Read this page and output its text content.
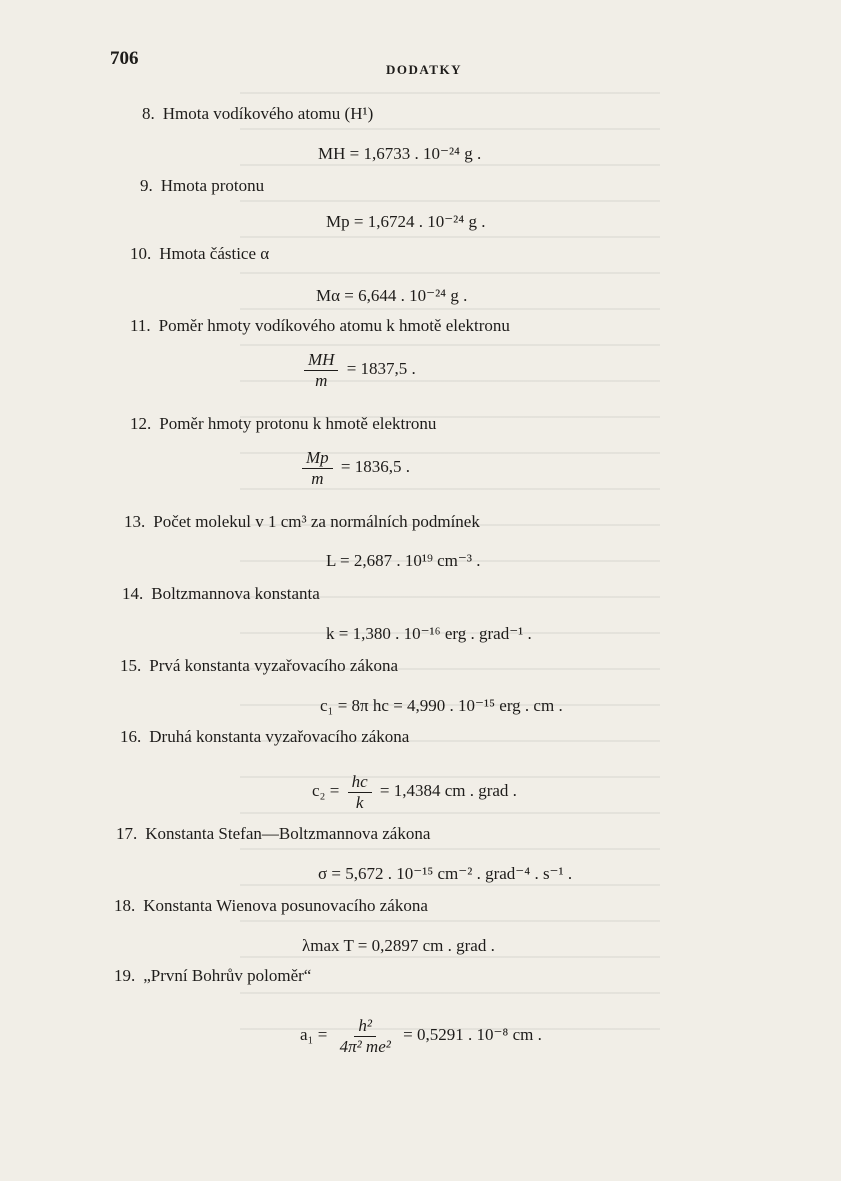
706
DODATKY
8. Hmota vodíkového atomu (H¹)
MH = 1,6733 . 10⁻²⁴ g .
9. Hmota protonu
Mp = 1,6724 . 10⁻²⁴ g .
10. Hmota částice α
Mα = 6,644 . 10⁻²⁴ g .
11. Poměr hmoty vodíkového atomu k hmotě elektronu
$\frac{MH}{m} = 1837,5$ .
12. Poměr hmoty protonu k hmotě elektronu
$\frac{Mp}{m} = 1836,5$ .
13. Počet molekul v 1 cm³ za normálních podmínek
L = 2,687 . 10¹⁹ cm⁻³ .
14. Boltzmannova konstanta
k = 1,380 . 10⁻¹⁶ erg . grad⁻¹ .
15. Prvá konstanta vyzařovacího zákona
c₁ = 8π hc = 4,990 . 10⁻¹⁵ erg . cm .
16. Druhá konstanta vyzařovacího zákona
$c_2 = \frac{hc}{k} = 1,4384$ cm . grad .
17. Konstanta Stefan—Boltzmannova zákona
σ = 5,672 . 10⁻¹⁵ cm⁻² . grad⁻⁴ . s⁻¹ .
18. Konstanta Wienova posunovacího zákona
λmax T = 0,2897 cm . grad .
19. „První Bohrův poloměr“
$a_1 = \frac{\text{h²}}{\text{4π² me²}} = 0,5291$ . 10⁻⁸ cm .
